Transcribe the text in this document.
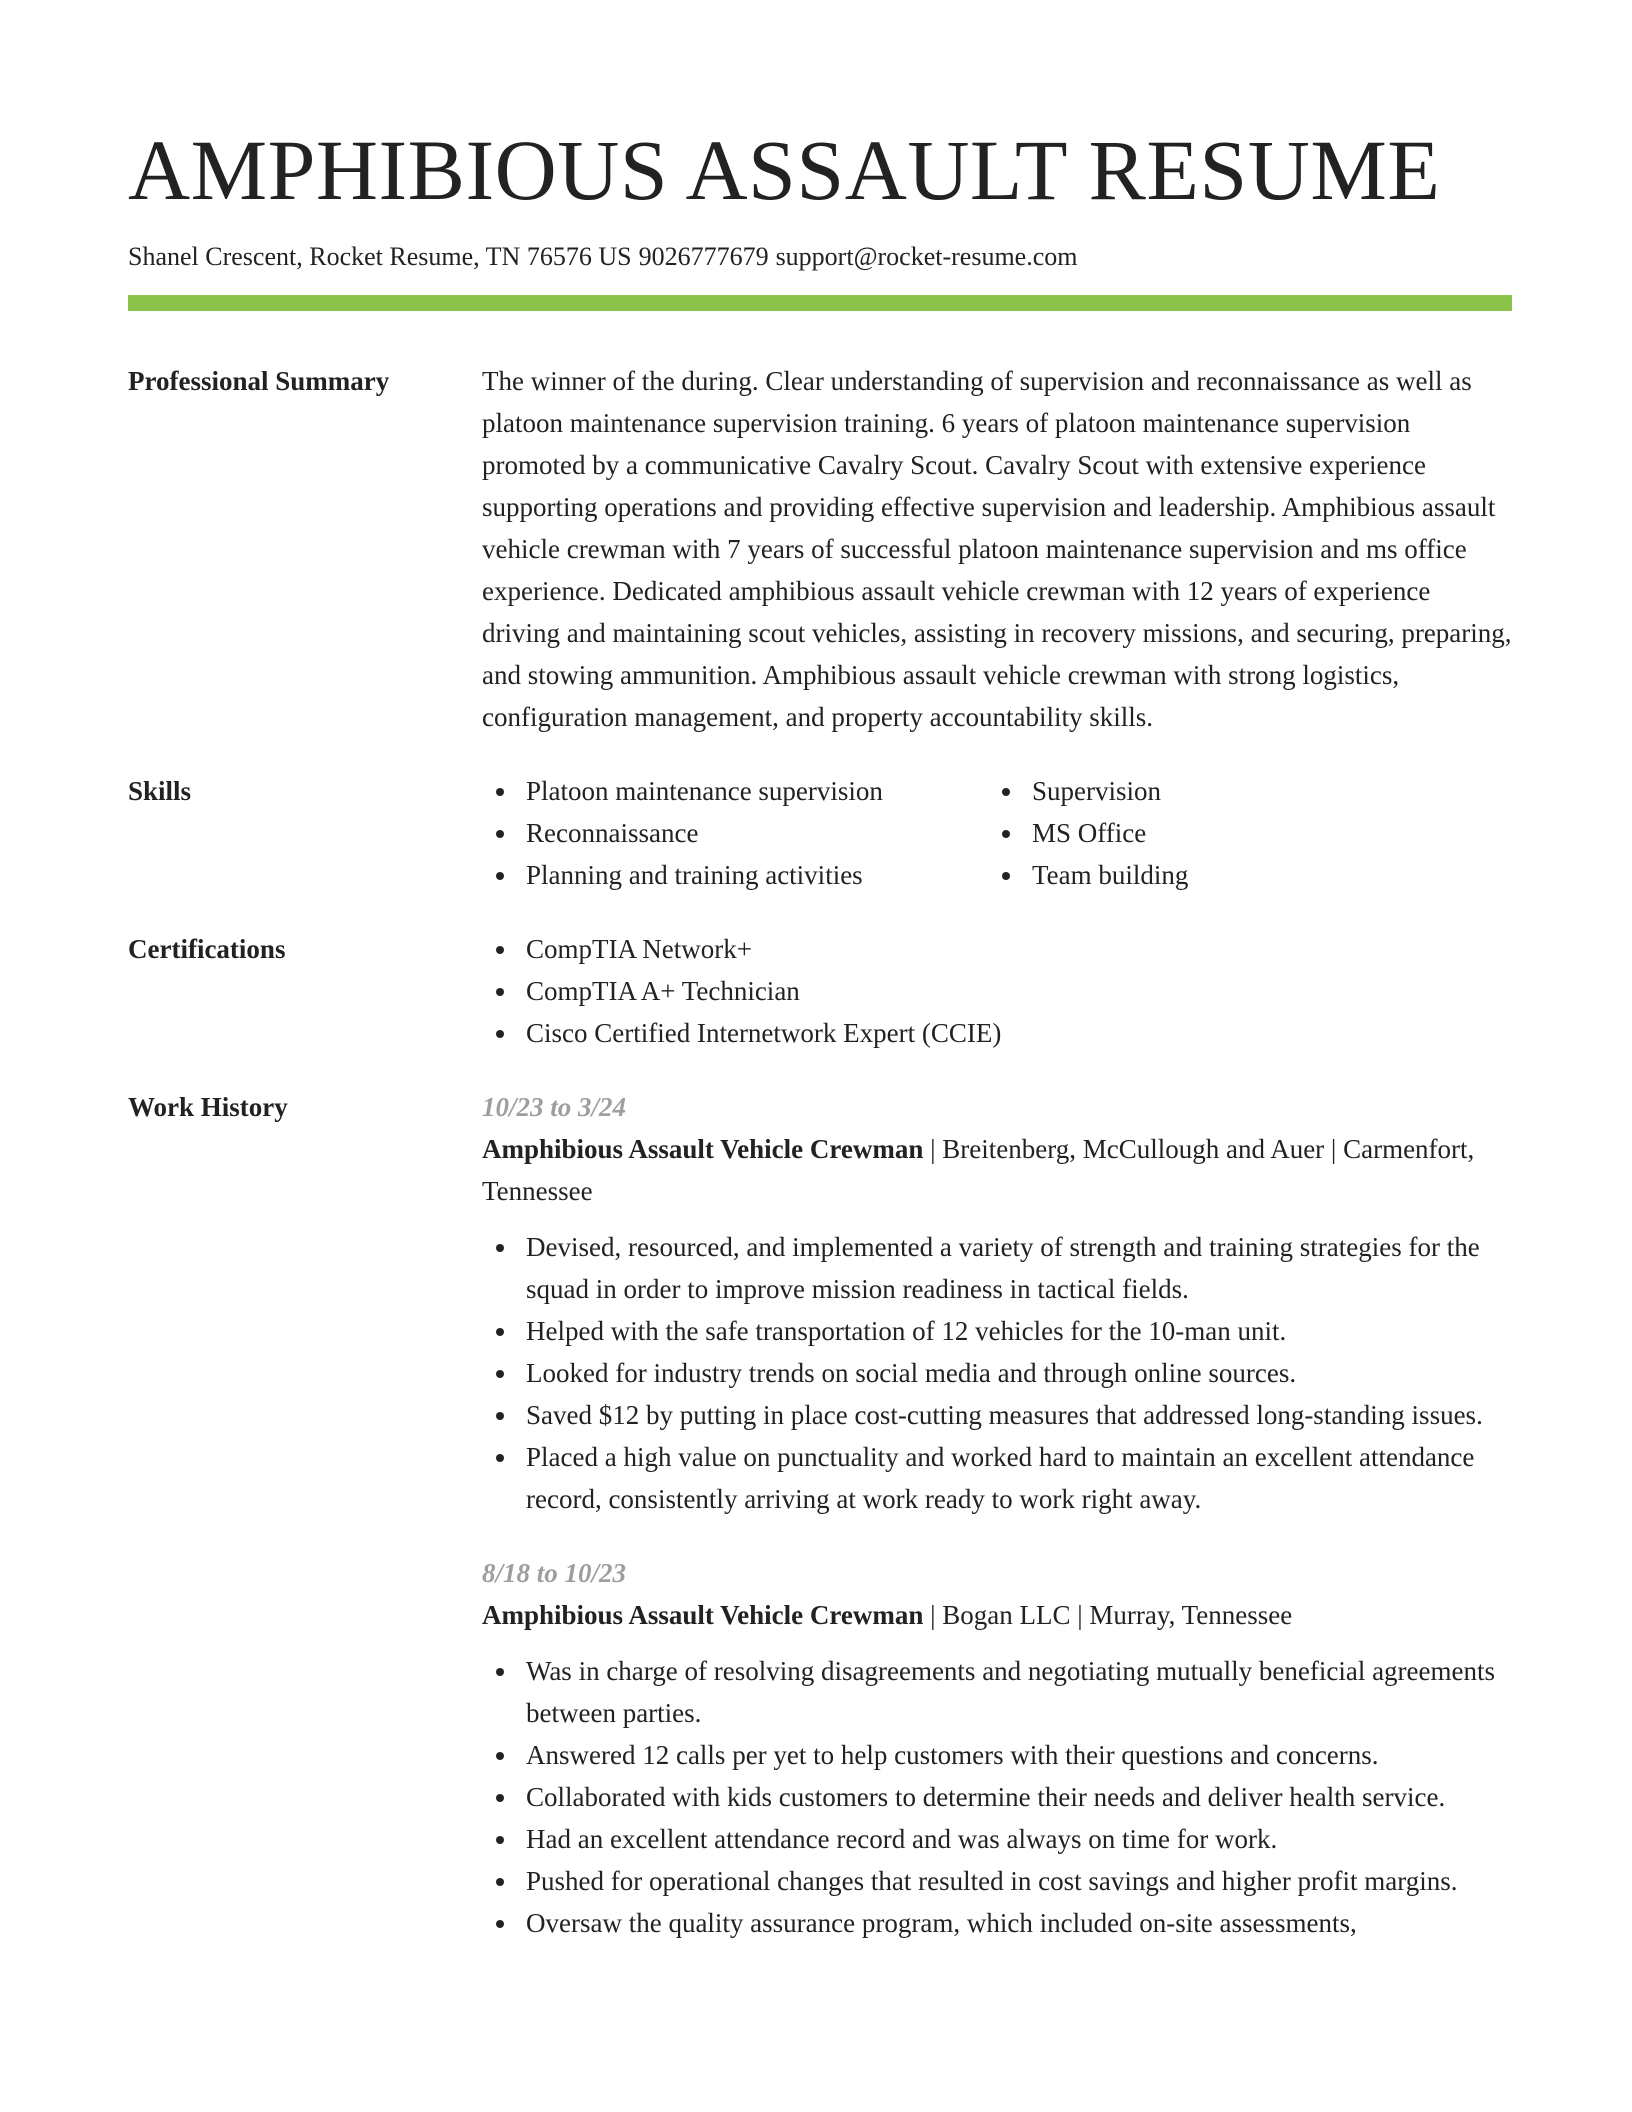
AMPHIBIOUS ASSAULT RESUME
Shanel Crescent, Rocket Resume, TN 76576 US 9026777679 support@rocket-resume.com
Professional Summary	The winner of the during. Clear understanding of supervision and reconnaissance as well as platoon maintenance supervision training. 6 years of platoon maintenance supervision promoted by a communicative Cavalry Scout. Cavalry Scout with extensive experience supporting operations and providing effective supervision and leadership. Amphibious assault vehicle crewman with 7 years of successful platoon maintenance supervision and ms office experience. Dedicated amphibious assault vehicle crewman with 12 years of experience driving and maintaining scout vehicles, assisting in recovery missions, and securing, preparing, and stowing ammunition. Amphibious assault vehicle crewman with strong logistics, configuration management, and property accountability skills.
Skills	Platoon maintenance supervision
Reconnaissance
Planning and training activities
Supervision
MS Office
Team building
Certifications	CompTIA Network+
CompTIA A+ Technician
Cisco Certified Internetwork Expert (CCIE)
Work History	10/23 to 3/24
Amphibious Assault Vehicle Crewman | Breitenberg, McCullough and Auer | Carmenfort, Tennessee
Devised, resourced, and implemented a variety of strength and training strategies for the squad in order to improve mission readiness in tactical fields.
Helped with the safe transportation of 12 vehicles for the 10-man unit.
Looked for industry trends on social media and through online sources.
Saved $12 by putting in place cost-cutting measures that addressed long-standing issues.
Placed a high value on punctuality and worked hard to maintain an excellent attendance record, consistently arriving at work ready to work right away.
8/18 to 10/23
Amphibious Assault Vehicle Crewman | Bogan LLC | Murray, Tennessee
Was in charge of resolving disagreements and negotiating mutually beneficial agreements between parties.
Answered 12 calls per yet to help customers with their questions and concerns.
Collaborated with kids customers to determine their needs and deliver health service.
Had an excellent attendance record and was always on time for work.
Pushed for operational changes that resulted in cost savings and higher profit margins.
Oversaw the quality assurance program, which included on-site assessments,
